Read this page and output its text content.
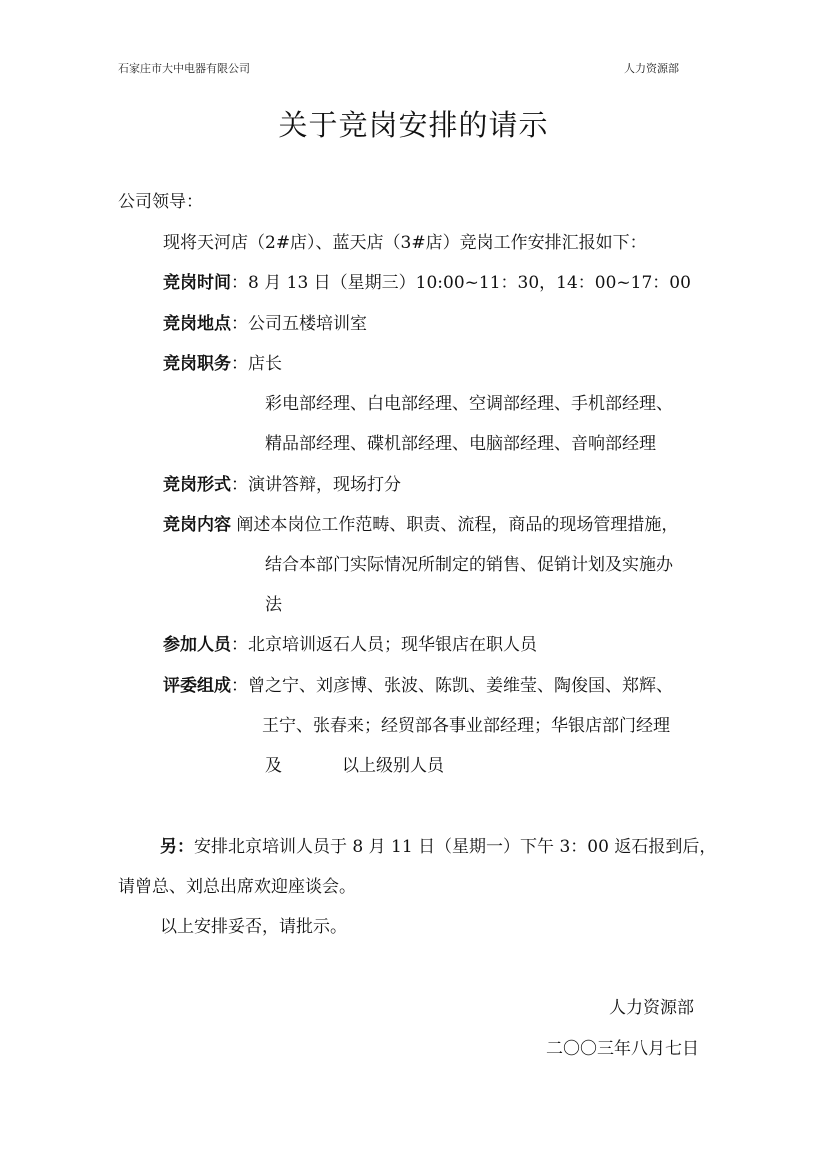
石家庄市大中电器有限公司	人力资源部
关于竞岗安排的请示
公司领导：
现将天河店（2#店）、蓝天店（3#店）竞岗工作安排汇报如下：
竞岗时间：8 月 13 日（星期三）10:00~11：30，14：00~17：00
竞岗地点：公司五楼培训室
竞岗职务：店长
彩电部经理、白电部经理、空调部经理、手机部经理、
精品部经理、碟机部经理、电脑部经理、音响部经理
竞岗形式：演讲答辩，现场打分
竞岗内容 阐述本岗位工作范畴、职责、流程，商品的现场管理措施，
结合本部门实际情况所制定的销售、促销计划及实施办
法
参加人员：北京培训返石人员；现华银店在职人员
评委组成：曾之宁、刘彦博、张波、陈凯、姜维莹、陶俊国、郑辉、
王宁、张春来；经贸部各事业部经理；华银店部门经理
及	以上级别人员
另：安排北京培训人员于 8 月 11 日（星期一）下午 3：00 返石报到后，
请曾总、刘总出席欢迎座谈会。
以上安排妥否，请批示。
人力资源部
二〇〇三年八月七日
